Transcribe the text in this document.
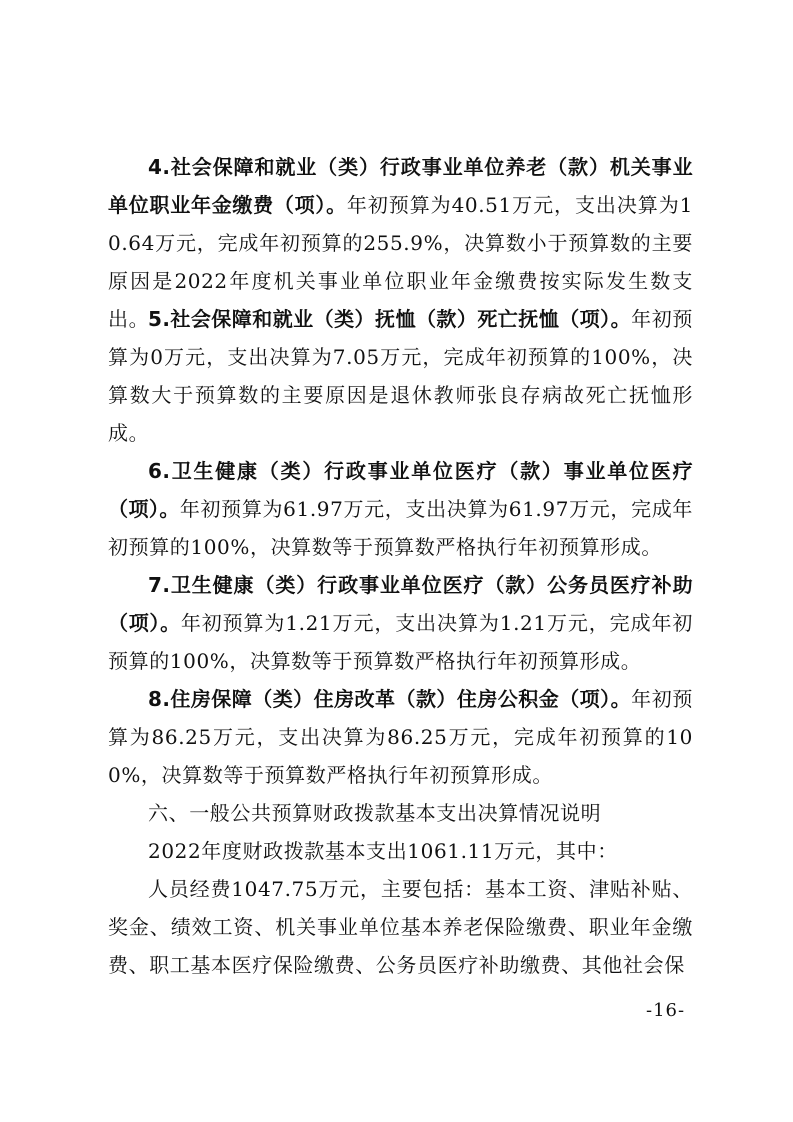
4.社会保障和就业（类）行政事业单位养老（款）机关事业单位职业年金缴费（项）。年初预算为40.51万元，支出决算为10.64万元，完成年初预算的255.9%，决算数小于预算数的主要原因是2022年度机关事业单位职业年金缴费按实际发生数支出。

5.社会保障和就业（类）抚恤（款）死亡抚恤（项）。年初预算为0万元，支出决算为7.05万元，完成年初预算的100%，决算数大于预算数的主要原因是退休教师张良存病故死亡抚恤形成。

6.卫生健康（类）行政事业单位医疗（款）事业单位医疗（项）。年初预算为61.97万元，支出决算为61.97万元，完成年初预算的100%，决算数等于预算数严格执行年初预算形成。

7.卫生健康（类）行政事业单位医疗（款）公务员医疗补助（项）。年初预算为1.21万元，支出决算为1.21万元，完成年初预算的100%，决算数等于预算数严格执行年初预算形成。

8.住房保障（类）住房改革（款）住房公积金（项）。年初预算为86.25万元，支出决算为86.25万元，完成年初预算的100%，决算数等于预算数严格执行年初预算形成。

六、一般公共预算财政拨款基本支出决算情况说明

2022年度财政拨款基本支出1061.11万元，其中：

人员经费1047.75万元，主要包括：基本工资、津贴补贴、奖金、绩效工资、机关事业单位基本养老保险缴费、职业年金缴费、职工基本医疗保险缴费、公务员医疗补助缴费、其他社会保

-16-
